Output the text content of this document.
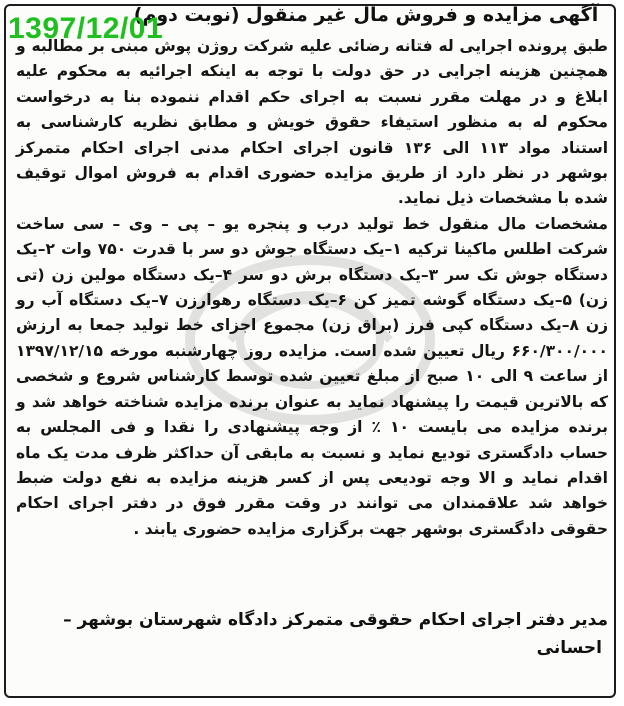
1397/12/01
آگهی مزایده و فروش مال غیر منقول (نوبت دوم)

طبق پرونده اجرایی له فتانه رضائی علیه شرکت روژن پوش مبنی بر مطالبه و همچنین هزینه اجرایی در حق دولت با توجه به اینکه اجرائیه به محکوم علیه ابلاغ و در مهلت مقرر نسبت به اجرای حکم اقدام ننموده بنا به درخواست محکوم له به منظور استیفاء حقوق خویش و مطابق نظریه کارشناسی به استناد مواد ۱۱۳ الی ۱۳۶ قانون اجرای احکام مدنی اجرای احکام متمرکز بوشهر در نظر دارد از طریق مزایده حضوری اقدام به فروش اموال توقیف شده با مشخصات ذیل نماید.

مشخصات مال منقول خط تولید درب و پنجره یو – پی – وی – سی ساخت شرکت اطلس ماکینا ترکیه ۱–یک دستگاه جوش دو سر با قدرت ۷۵۰ وات ۲–یک دستگاه جوش تک سر ۳–یک دستگاه برش دو سر ۴–یک دستگاه مولین زن (تی زن) ۵–یک دستگاه گوشه تمیز کن ۶–یک دستگاه رهوارزن ۷–یک دستگاه آب رو زن ۸–یک دستگاه کپی فرز (براق زن) مجموع اجزای خط تولید جمعا به ارزش ۶۶۰/۳۰۰/۰۰۰ ریال تعیین شده است. مزایده روز چهارشنبه مورخه ۱۳۹۷/۱۲/۱۵ از ساعت ۹ الی ۱۰ صبح از مبلغ تعیین شده توسط کارشناس شروع و شخصی که بالاترین قیمت را پیشنهاد نماید به عنوان برنده مزایده شناخته خواهد شد و برنده مزایده می بایست ۱۰ ٪ از وجه پیشنهادی را نقدا و فی المجلس به حساب دادگستری تودیع نماید و نسبت به مابقی آن حداکثر ظرف مدت یک ماه اقدام نماید و الا وجه تودیعی پس از کسر هزینه مزایده به نفع دولت ضبط خواهد شد علاقمندان می توانند در وقت مقرر فوق در دفتر اجرای احکام حقوقی دادگستری بوشهر جهت برگزاری مزایده حضوری یابند .

مدیر دفتر اجرای احکام حقوقی متمرکز دادگاه شهرستان بوشهر –
احسانی
